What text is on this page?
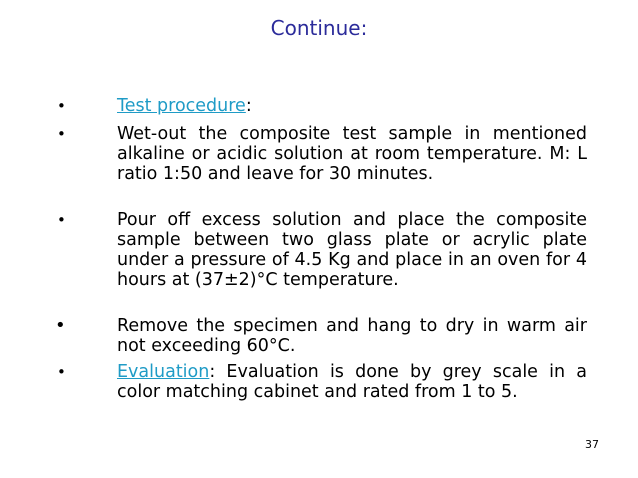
Continue:
•	Test procedure:
•	Wet-out the composite test sample in mentioned alkaline or acidic solution at room temperature. M: L ratio 1:50 and leave for 30 minutes.
•	Pour off excess solution and place the composite sample between two glass plate or acrylic plate under a pressure of 4.5 Kg and place in an oven for 4 hours at (37±2)°C temperature.
•	Remove the specimen and hang to dry in warm air not exceeding 60°C.
•	Evaluation: Evaluation is done by grey scale in a color matching cabinet and rated from 1 to 5.
37
